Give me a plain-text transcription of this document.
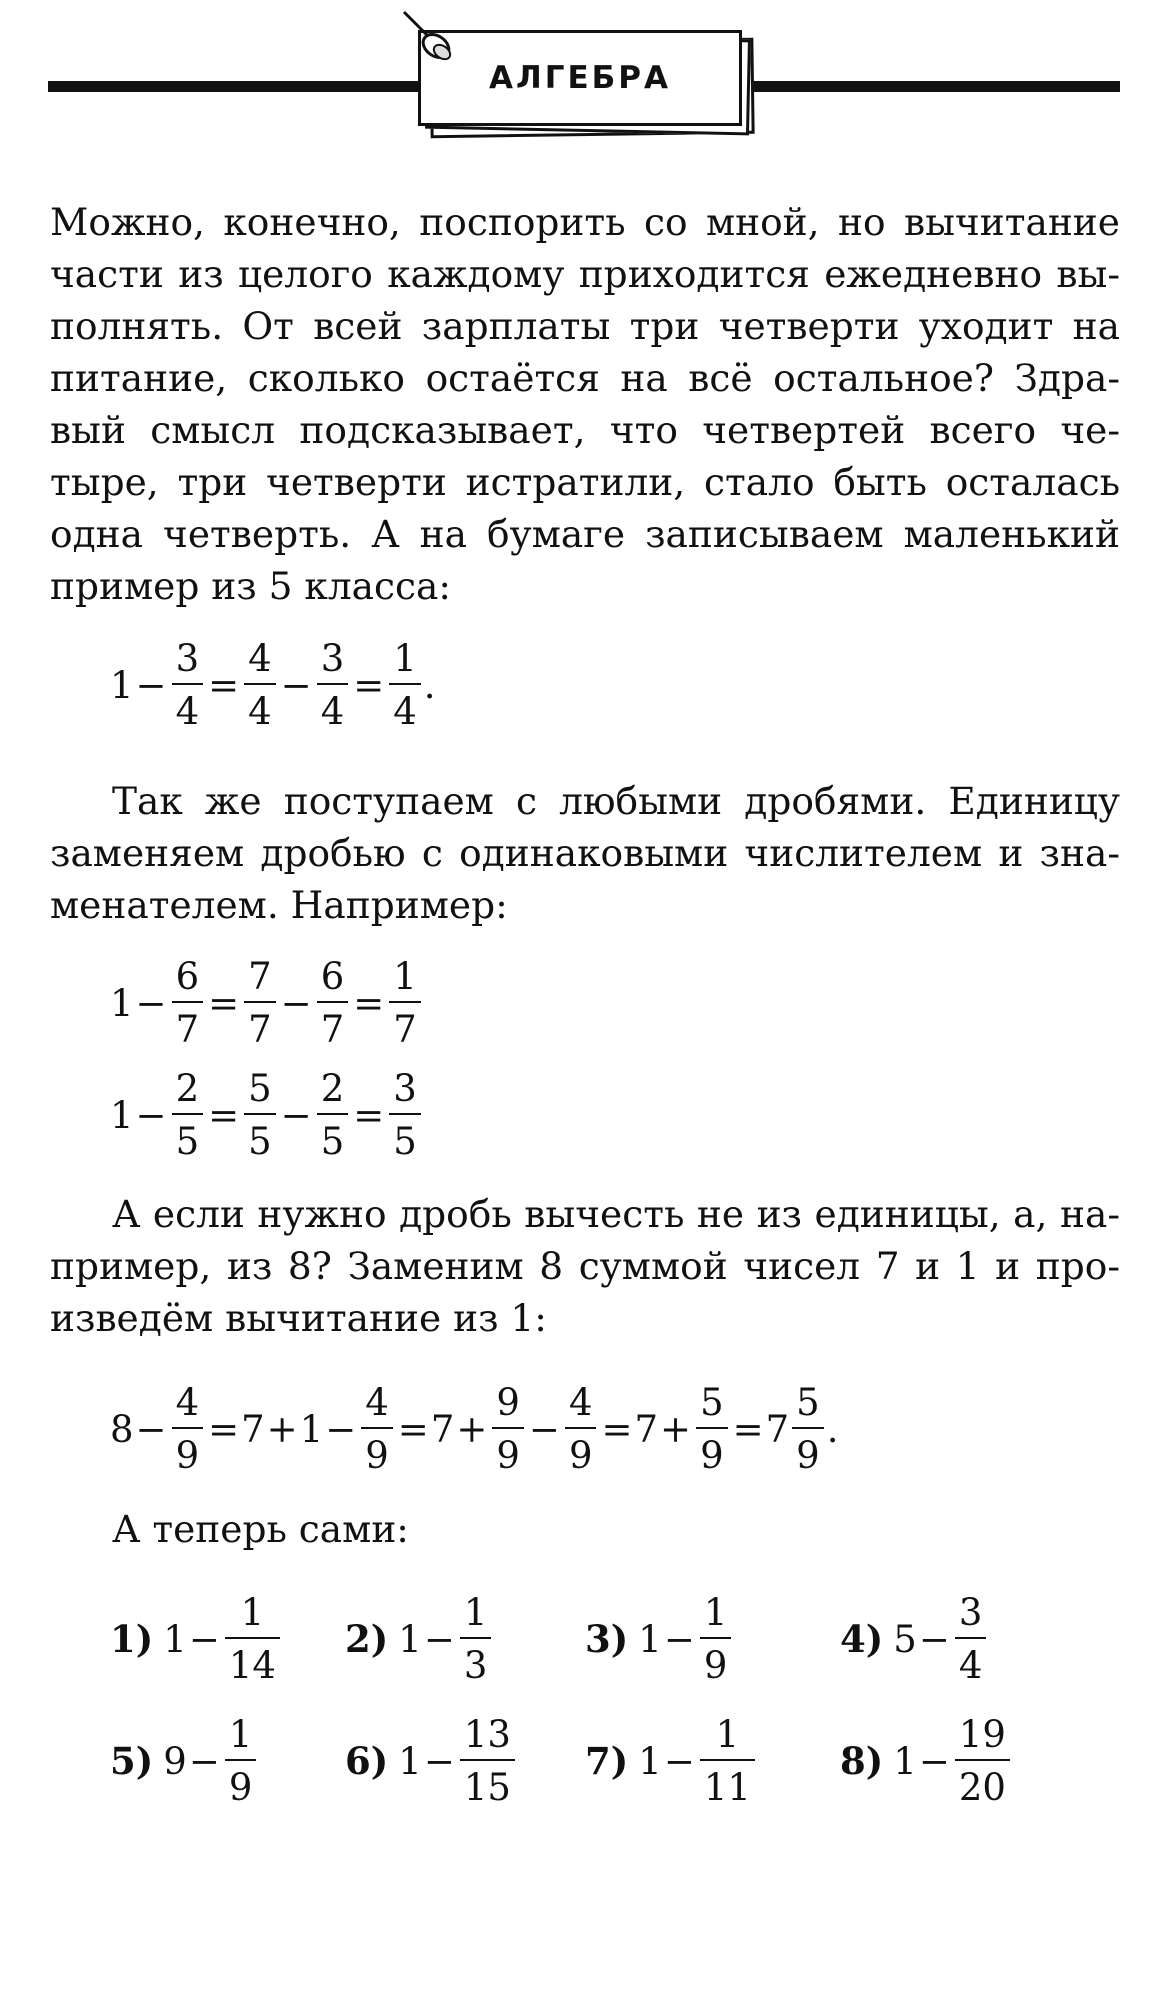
АЛГЕБРА
Можно, конечно, поспорить со мной, но вычитание
части из целого каждому приходится ежедневно вы-
полнять. От всей зарплаты три четверти уходит на
питание, сколько остаётся на всё остальное? Здра-
вый смысл подсказывает, что четвертей всего че-
тыре, три четверти истратили, стало быть осталась
одна четверть. А на бумаге записываем маленький
пример из 5 класса:
$1 - \frac{3}{4} = \frac{4}{4} - \frac{3}{4} = \frac{1}{4}$ .
Так же поступаем с любыми дробями. Единицу
заменяем дробью с одинаковыми числителем и зна-
менателем. Например:
$1 - \frac{6}{7} = \frac{7}{7} - \frac{6}{7} = \frac{1}{7}$
$1 - \frac{2}{5} = \frac{5}{5} - \frac{2}{5} = \frac{3}{5}$
А если нужно дробь вычесть не из единицы, а, на-
пример, из 8? Заменим 8 суммой чисел 7 и 1 и про-
изведём вычитание из 1:
$8 - \frac{4}{9} = 7 + 1 - \frac{4}{9} = 7 + \frac{9}{9} - \frac{4}{9} = 7 + \frac{5}{9} = 7 \frac{5}{9}$ .
А теперь сами:
1) $1 - \frac{1}{14} 2$) $1 - \frac{1}{3}$	3) $1 - \frac{1}{9}$	4) $5 - \frac{3}{4}$
5) $9 - \frac{1}{9} 6$) $1 - \frac{13}{15} 7$) $1 - \frac{1}{11} 8$) $1 - \frac{19}{20}$
